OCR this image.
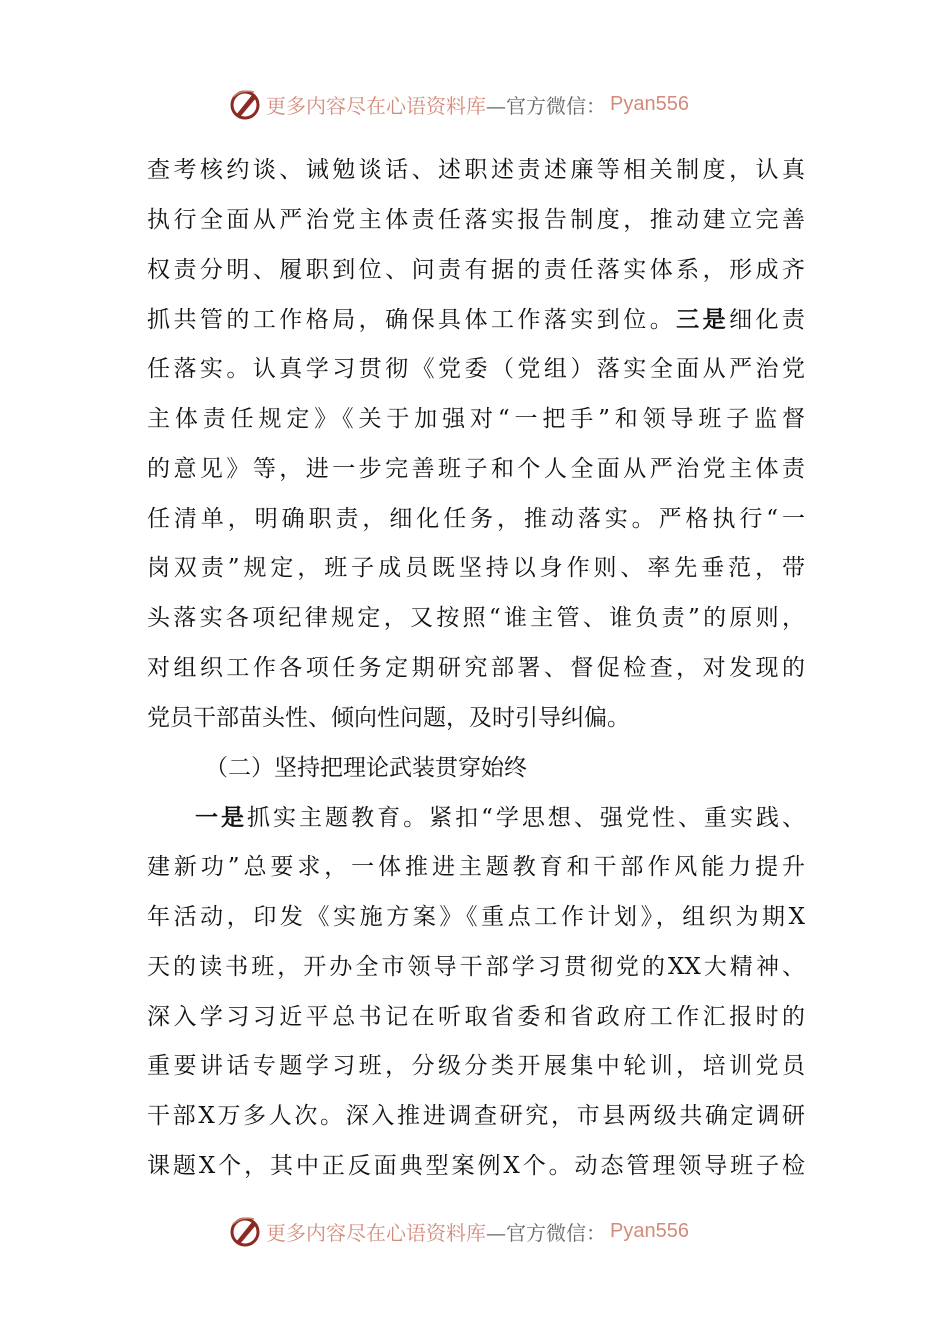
更多内容尽在心语资料库 —官方微信： Pyan556
查考核约谈、诫勉谈话、述职述责述廉等相关制度，认真
执行全面从严治党主体责任落实报告制度，推动建立完善
权责分明、履职到位、问责有据的责任落实体系，形成齐
抓共管的工作格局，确保具体工作落实到位。三是细化责
任落实。认真学习贯彻《党委（党组）落实全面从严治党
主体责任规定》《关于加强对“一把手”和领导班子监督
的意见》等，进一步完善班子和个人全面从严治党主体责
任清单，明确职责，细化任务，推动落实。严格执行“一
岗双责”规定，班子成员既坚持以身作则、率先垂范，带
头落实各项纪律规定，又按照“谁主管、谁负责”的原则，
对组织工作各项任务定期研究部署、督促检查，对发现的
党员干部苗头性、倾向性问题，及时引导纠偏。
（二）坚持把理论武装贯穿始终
一是抓实主题教育。紧扣“学思想、强党性、重实践、
建新功”总要求，一体推进主题教育和干部作风能力提升
年活动，印发《实施方案》《重点工作计划》，组织为期X
天的读书班，开办全市领导干部学习贯彻党的XX大精神、
深入学习习近平总书记在听取省委和省政府工作汇报时的
重要讲话专题学习班，分级分类开展集中轮训，培训党员
干部X万多人次。深入推进调查研究，市县两级共确定调研
课题X个，其中正反面典型案例X个。动态管理领导班子检
更多内容尽在心语资料库 —官方微信： Pyan556
